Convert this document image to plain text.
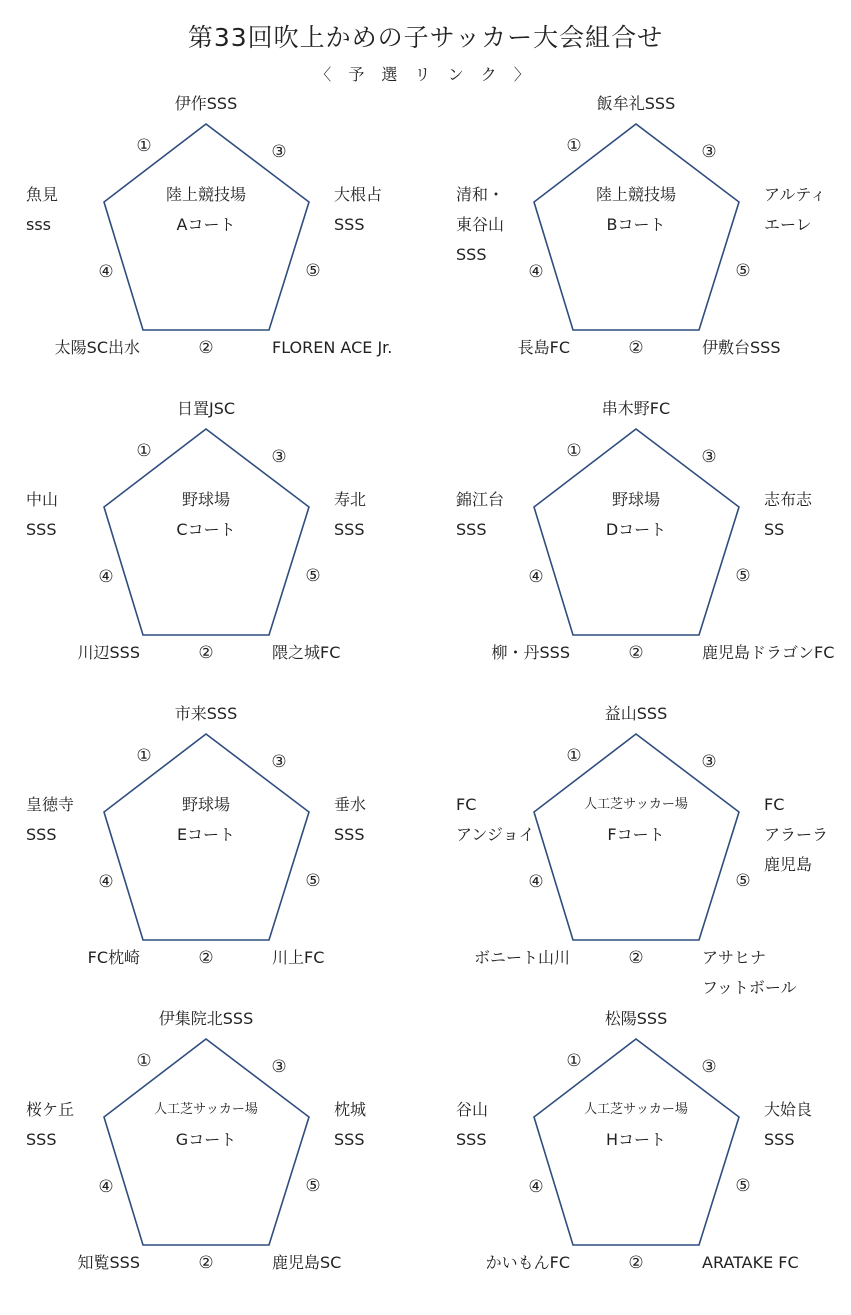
第33回吹上かめの子サッカー大会組合せ
〈 予 選 リ ン ク 〉
陸上競技場
Aコート
伊作SSS
魚見
sss
大根占
SSS
太陽SC出水	FLOREN ACE Jr.
①
②
③
④	⑤
陸上競技場
Bコート
飯牟礼SSS
清和・
東谷山
SSS
アルティ
エーレ
長島FC	伊敷台SSS
①
②
③
④	⑤
野球場
Cコート
日置JSC
中山
SSS
寿北
SSS
川辺SSS	隈之城FC
①
②
③
④	⑤
野球場
Dコート
串木野FC
錦江台
SSS
志布志
SS
柳・丹SSS	鹿児島ドラゴンFC
①
②
③
④	⑤
野球場
Eコート
市来SSS
皇徳寺
SSS
垂水
SSS
FC枕崎	川上FC
①
②
③
④	⑤
人工芝サッカー場
Fコート
益山SSS
FC
アンジョイ
FC
アラーラ
鹿児島
ボニート山川	アサヒナ
フットボール
①
②
③
④	⑤
人工芝サッカー場
Gコート
伊集院北SSS
桜ケ丘
SSS
枕城
SSS
知覧SSS	鹿児島SC
①
②
③
④	⑤
人工芝サッカー場
Hコート
松陽SSS
谷山
SSS
大姶良
SSS
かいもんFC	ARATAKE FC
①
②
③
④	⑤
